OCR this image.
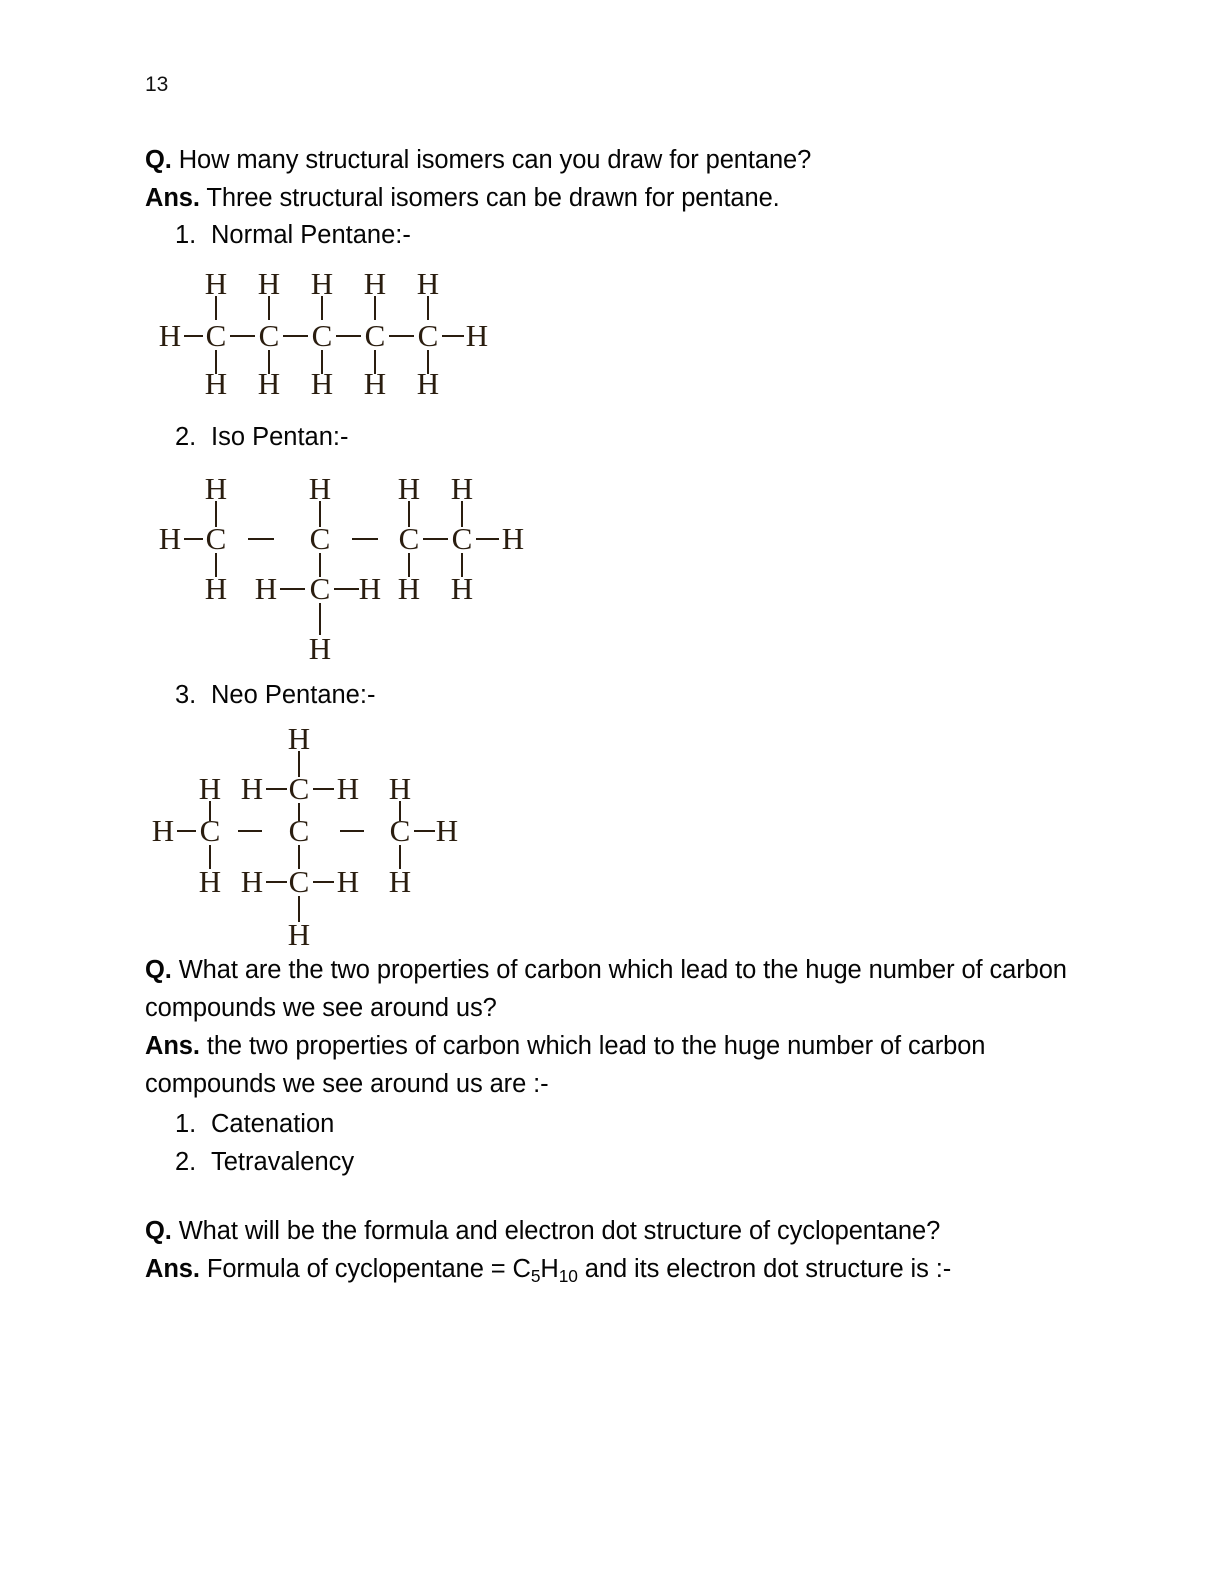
13
Q. How many structural isomers can you draw for pentane?
Ans. Three structural isomers can be drawn for pentane.
1. Normal Pentane:-
H H H H H
H C C C C C H
H H H H H
2. Iso Pentan:-
H	H H H
H C	C C C H
H H C H H H
H
3. Neo Pentane:-
H
H H C H H
H C C	C H
H H C H H
H
Q. What are the two properties of carbon which lead to the huge number of carbon compounds we see around us?
Ans. the two properties of carbon which lead to the huge number of carbon compounds we see around us are :-
1. Catenation
2. Tetravalency
Q. What will be the formula and electron dot structure of cyclopentane?
Ans. Formula of cyclopentane = $C_5H_{10}$ and its electron dot structure is :-
